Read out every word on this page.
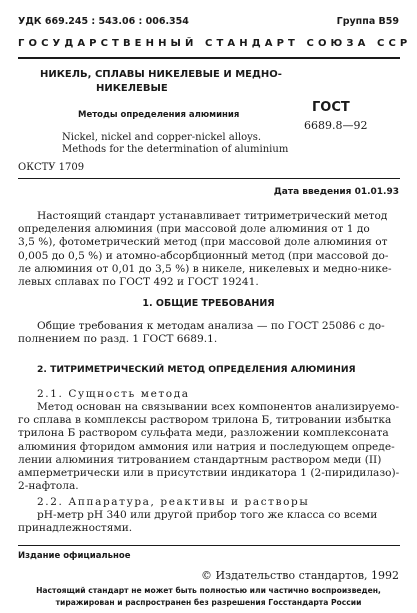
УДК 669.245 : 543.06 : 006.354	Группа В59
ГОСУДАРСТВЕННЫЙ СТАНДАРТ СОЮЗА ССР
НИКЕЛЬ, СПЛАВЫ НИКЕЛЕВЫЕ И МЕДНО-
НИКЕЛЕВЫЕ
Методы определения алюминия	ГОСТ
6689.8—92
Nickel, nickel and copper-nickel alloys.
Methods for the determination of aluminium
ОКСТУ 1709
Дата введения 01.01.93
Настоящий стандарт устанавливает титриметрический метод
определения алюминия (при массовой доле алюминия от 1 до
3,5 %), фотометрический метод (при массовой доле алюминия от
0,005 до 0,5 %) и атомно-абсорбционный метод (при массовой до-
ле алюминия от 0,01 до 3,5 %) в никеле, никелевых и медно-нике-
левых сплавах по ГОСТ 492 и ГОСТ 19241.
1. ОБЩИЕ ТРЕБОВАНИЯ
Общие требования к методам анализа — по ГОСТ 25086 с до-
полнением по разд. 1 ГОСТ 6689.1.
2. ТИТРИМЕТРИЧЕСКИЙ МЕТОД ОПРЕДЕЛЕНИЯ АЛЮМИНИЯ
2.1. Сущность метода
Метод основан на связывании всех компонентов анализируемо-
го сплава в комплексы раствором трилона Б, титровании избытка
трилона Б раствором сульфата меди, разложении комплексоната
алюминия фторидом аммония или натрия и последующем опреде-
лении алюминия титрованием стандартным раствором меди (II)
амперметрически или в присутствии индикатора 1 (2-пиридилазо)-
2-нафтола.
2.2. Аппаратура, реактивы и растворы
pH-метр pH 340 или другой прибор того же класса со всеми
принадлежностями.
Издание официальное
© Издательство стандартов, 1992
Настоящий стандарт не может быть полностью или частично воспроизведен,
тиражирован и распространен без разрешения Госстандарта России
